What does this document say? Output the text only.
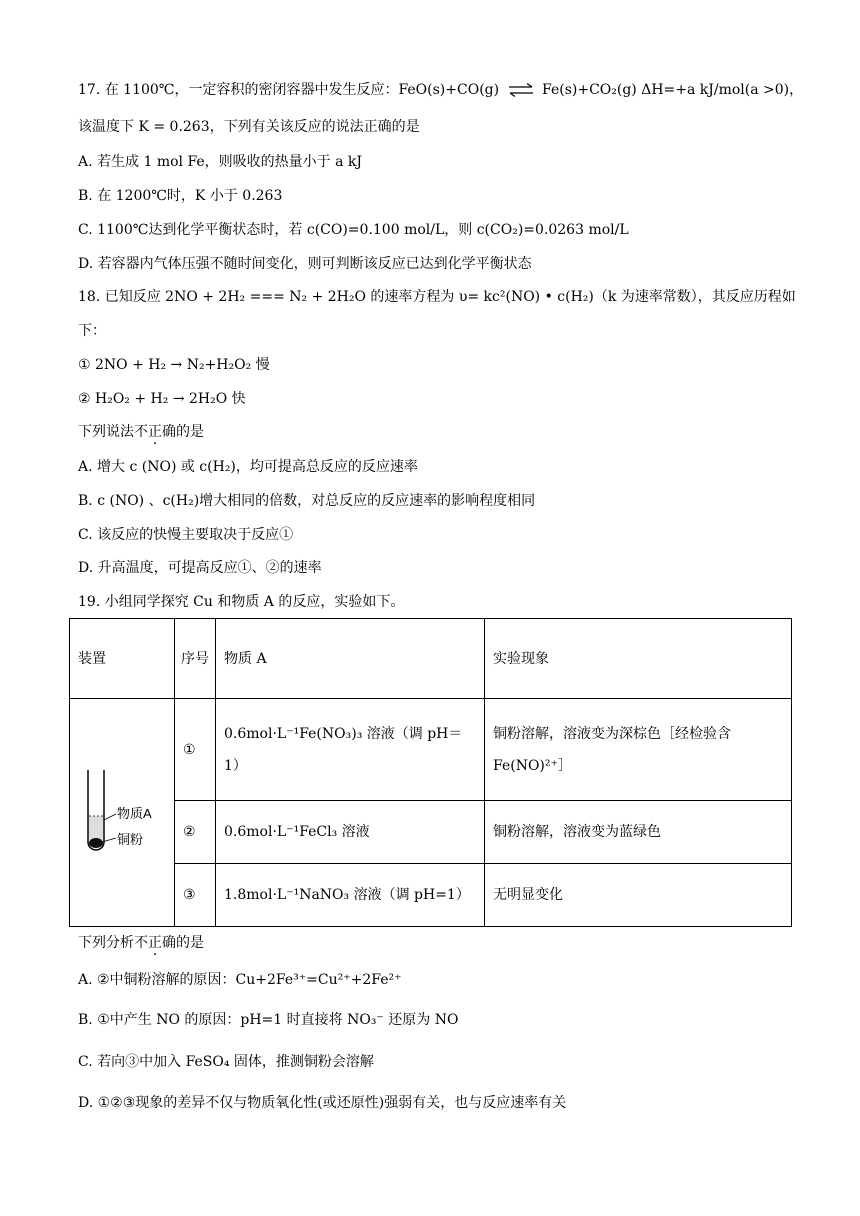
17. 在 1100℃，一定容积的密闭容器中发生反应：FeO(s)+CO(g) ⇌ Fe(s)+CO₂(g) ΔH=+a kJ/mol(a >0)，
该温度下 K = 0.263，下列有关该反应的说法正确的是
A. 若生成 1 mol Fe，则吸收的热量小于 a kJ
B. 在 1200℃时，K 小于 0.263
C. 1100℃达到化学平衡状态时，若 c(CO)=0.100 mol/L，则 c(CO₂)=0.0263 mol/L
D. 若容器内气体压强不随时间变化，则可判断该反应已达到化学平衡状态
18. 已知反应 2NO + 2H₂ === N₂ + 2H₂O 的速率方程为 υ= kc²(NO) • c(H₂)（k 为速率常数），其反应历程如
下：
① 2NO + H₂ → N₂+H₂O₂ 慢
② H₂O₂ + H₂ → 2H₂O 快
下列说法不正确的是
A. 增大 c (NO) 或 c(H₂)，均可提高总反应的反应速率
B. c (NO) 、c(H₂)增大相同的倍数，对总反应的反应速率的影响程度相同
C. 该反应的快慢主要取决于反应①
D. 升高温度，可提高反应①、②的速率
19. 小组同学探究 Cu 和物质 A 的反应，实验如下。
装置	序号	物质 A	实验现象

物质A
铜粉	①	0.6mol·L⁻¹Fe(NO₃)₃ 溶液（调 pH＝1）	铜粉溶解，溶液变为深棕色［经检验含 Fe(NO)²⁺］
	②	0.6mol·L⁻¹FeCl₃ 溶液	铜粉溶解，溶液变为蓝绿色
	③	1.8mol·L⁻¹NaNO₃ 溶液（调 pH=1）	无明显变化
下列分析不正确的是
A. ②中铜粉溶解的原因：Cu+2Fe³⁺=Cu²⁺+2Fe²⁺
B. ①中产生 NO 的原因：pH=1 时直接将 NO₃⁻ 还原为 NO
C. 若向③中加入 FeSO₄ 固体，推测铜粉会溶解
D. ①②③现象的差异不仅与物质氧化性(或还原性)强弱有关，也与反应速率有关
